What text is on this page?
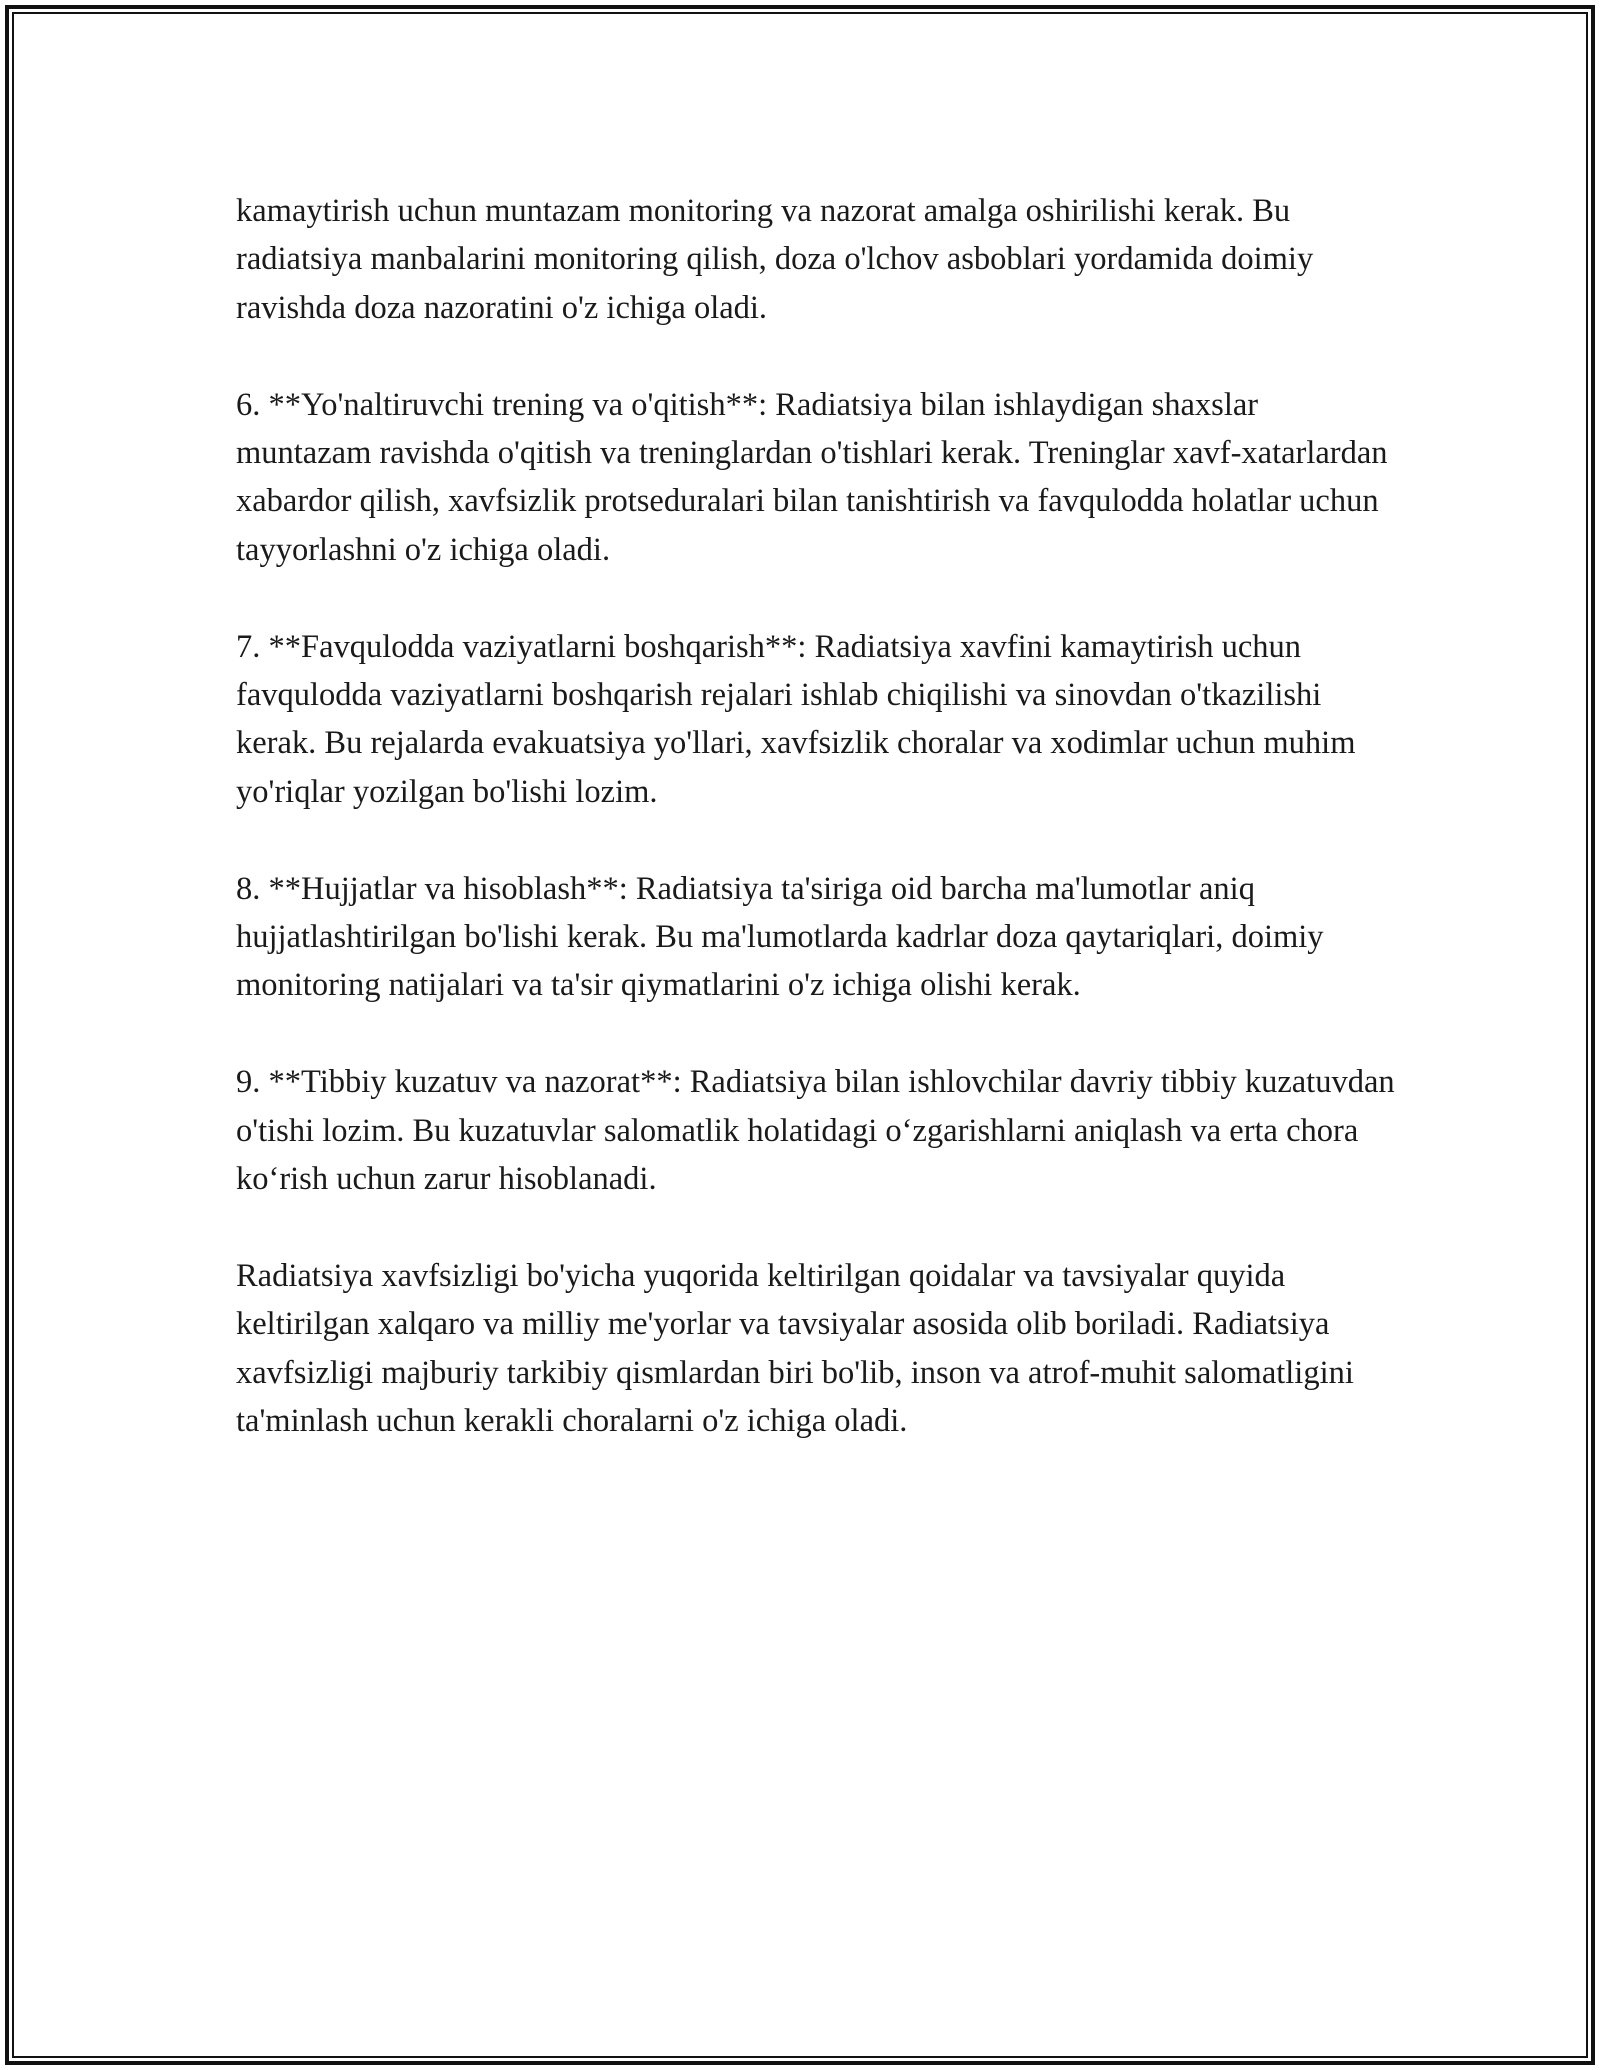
kamaytirish uchun muntazam monitoring va nazorat amalga oshirilishi kerak. Bu radiatsiya manbalarini monitoring qilish, doza o'lchov asboblari yordamida doimiy ravishda doza nazoratini o'z ichiga oladi.

6. **Yo'naltiruvchi trening va o'qitish**: Radiatsiya bilan ishlaydigan shaxslar muntazam ravishda o'qitish va treninglardan o'tishlari kerak. Treninglar xavf-xatarlardan xabardor qilish, xavfsizlik protseduralari bilan tanishtirish va favqulodda holatlar uchun tayyorlashni o'z ichiga oladi.

7. **Favqulodda vaziyatlarni boshqarish**: Radiatsiya xavfini kamaytirish uchun favqulodda vaziyatlarni boshqarish rejalari ishlab chiqilishi va sinovdan o'tkazilishi kerak. Bu rejalarda evakuatsiya yo'llari, xavfsizlik choralar va xodimlar uchun muhim yo'riqlar yozilgan bo'lishi lozim.

8. **Hujjatlar va hisoblash**: Radiatsiya ta'siriga oid barcha ma'lumotlar aniq hujjatlashtirilgan bo'lishi kerak. Bu ma'lumotlarda kadrlar doza qaytariqlari, doimiy monitoring natijalari va ta'sir qiymatlarini o'z ichiga olishi kerak.

9. **Tibbiy kuzatuv va nazorat**: Radiatsiya bilan ishlovchilar davriy tibbiy kuzatuvdan o'tishi lozim. Bu kuzatuvlar salomatlik holatidagi o‘zgarishlarni aniqlash va erta chora ko‘rish uchun zarur hisoblanadi.

Radiatsiya xavfsizligi bo'yicha yuqorida keltirilgan qoidalar va tavsiyalar quyida keltirilgan xalqaro va milliy me'yorlar va tavsiyalar asosida olib boriladi. Radiatsiya xavfsizligi majburiy tarkibiy qismlardan biri bo'lib, inson va atrof-muhit salomatligini ta'minlash uchun kerakli choralarni o'z ichiga oladi.
